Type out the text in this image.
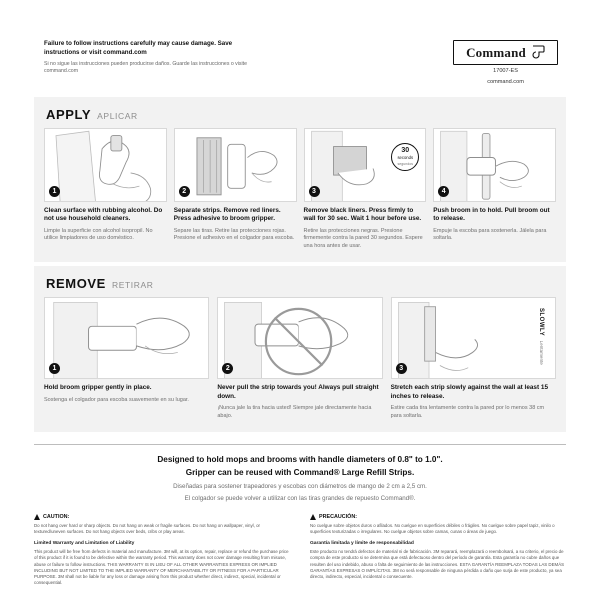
Failure to follow instructions carefully may cause damage. Save instructions or visit command.com
Si no sigue las instrucciones pueden producirse daños. Guarde las instrucciones o visite command.com
Command
17007-ES
command.com
APPLY APLICAR
1
Clean surface with rubbing alcohol. Do not use household cleaners.
Limpie la superficie con alcohol isopropil. No utilice limpiadores de uso doméstico.
2
Separate strips. Remove red liners. Press adhesive to broom gripper.
Separe las tiras. Retire las protecciones rojas. Presione el adhesivo en el colgador para escoba.
30
seconds
segundos
3
Remove black liners. Press firmly to wall for 30 sec. Wait 1 hour before use.
Retire las protecciones negras. Presione firmemente contra la pared 30 segundos. Espere una hora antes de usar.
4
Push broom in to hold. Pull broom out to release.
Empuje la escoba para sostenerla. Jálela para soltarla.
REMOVE RETIRAR
1
Hold broom gripper gently in place.
Sostenga el colgador para escoba suavemente en su lugar.
2
Never pull the strip towards you! Always pull straight down.
¡Nunca jale la tira hacia usted! Siempre jale directamente hacia abajo.
SLOWLY Lentamente
3
Stretch each strip slowly against the wall at least 15 inches to release.
Estire cada tira lentamente contra la pared por lo menos 38 cm para soltarla.
Designed to hold mops and brooms with handle diameters of 0.8" to 1.0".
Gripper can be reused with Command® Large Refill Strips.
Diseñadas para sostener trapeadores y escobas con diámetros de mango de 2 cm a 2,5 cm.
El colgador se puede volver a utilizar con las tiras grandes de repuesto Command®.
CAUTION:

Do not hang over hard or sharp objects. Do not hang on weak or fragile surfaces. Do not hang on wallpaper, vinyl, or textured/uneven surfaces. Do not hang objects over beds, cribs or play areas.

Limited Warranty and Limitation of Liability

This product will be free from defects in material and manufacture. 3M will, at its option, repair, replace or refund the purchase price of this product if it is found to be defective within the warranty period. This warranty does not cover damage resulting from misuse, abuse or failure to follow instructions. THIS WARRANTY IS IN LIEU OF ALL OTHER WARRANTIES EXPRESS OR IMPLIED INCLUDING BUT NOT LIMITED TO THE IMPLIED WARRANTY OF MERCHANTABILITY OR FITNESS FOR A PARTICULAR PURPOSE. 3M shall not be liable for any loss or damage arising from this product whether direct, indirect, special, incidental or consequential.

PRECAUCIÓN:

No cuelgue sobre objetos duros o afilados. No cuelgue en superficies débiles o frágiles. No cuelgue sobre papel tapiz, vinilo o superficies texturizadas o irregulares. No cuelgue objetos sobre camas, cunas o áreas de juego.

Garantía limitada y límite de responsabilidad

Este producto no tendrá defectos de material ni de fabricación. 3M reparará, reemplazará o reembolsará, a su criterio, el precio de compra de este producto si se determina que está defectuoso dentro del período de garantía. Esta garantía no cubre daños que resulten del uso indebido, abuso o falta de seguimiento de las instrucciones. ESTA GARANTÍA REEMPLAZA TODAS LAS DEMÁS GARANTÍAS EXPRESAS O IMPLÍCITAS. 3M no será responsable de ninguna pérdida o daño que surja de este producto, ya sea directo, indirecto, especial, incidental o consecuente.
